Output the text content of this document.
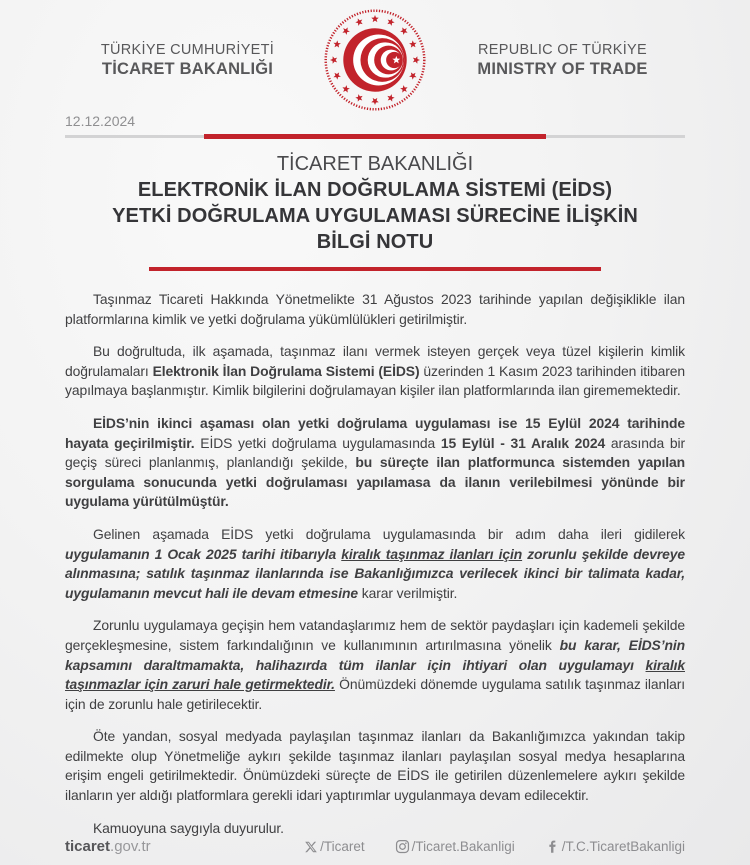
TÜRKİYE CUMHURİYETİ
TİCARET BAKANLIĞI
REPUBLIC OF TÜRKİYE
MINISTRY OF TRADE
12.12.2024
TİCARET BAKANLIĞI
ELEKTRONİK İLAN DOĞRULAMA SİSTEMİ (EİDS)
YETKİ DOĞRULAMA UYGULAMASI SÜRECİNE İLİŞKİN
BİLGİ NOTU

Taşınmaz Ticareti Hakkında Yönetmelikte 31 Ağustos 2023 tarihinde yapılan değişiklikle ilan platformlarına kimlik ve yetki doğrulama yükümlülükleri getirilmiştir.

Bu doğrultuda, ilk aşamada, taşınmaz ilanı vermek isteyen gerçek veya tüzel kişilerin kimlik doğrulamaları Elektronik İlan Doğrulama Sistemi (EİDS) üzerinden 1 Kasım 2023 tarihinden itibaren yapılmaya başlanmıştır. Kimlik bilgilerini doğrulamayan kişiler ilan platformlarında ilan girememektedir.

EİDS’nin ikinci aşaması olan yetki doğrulama uygulaması ise 15 Eylül 2024 tarihinde hayata geçirilmiştir. EİDS yetki doğrulama uygulamasında 15 Eylül - 31 Aralık 2024 arasında bir geçiş süreci planlanmış, planlandığı şekilde, bu süreçte ilan platformunca sistemden yapılan sorgulama sonucunda yetki doğrulaması yapılamasa da ilanın verilebilmesi yönünde bir uygulama yürütülmüştür.

Gelinen aşamada EİDS yetki doğrulama uygulamasında bir adım daha ileri gidilerek uygulamanın 1 Ocak 2025 tarihi itibarıyla kiralık taşınmaz ilanları için zorunlu şekilde devreye alınmasına; satılık taşınmaz ilanlarında ise Bakanlığımızca verilecek ikinci bir talimata kadar, uygulamanın mevcut hali ile devam etmesine karar verilmiştir.

Zorunlu uygulamaya geçişin hem vatandaşlarımız hem de sektör paydaşları için kademeli şekilde gerçekleşmesine, sistem farkındalığının ve kullanımının artırılmasına yönelik bu karar, EİDS’nin kapsamını daraltmamakta, halihazırda tüm ilanlar için ihtiyari olan uygulamayı kiralık taşınmazlar için zaruri hale getirmektedir. Önümüzdeki dönemde uygulama satılık taşınmaz ilanları için de zorunlu hale getirilecektir.

Öte yandan, sosyal medyada paylaşılan taşınmaz ilanları da Bakanlığımızca yakından takip edilmekte olup Yönetmeliğe aykırı şekilde taşınmaz ilanları paylaşılan sosyal medya hesaplarına erişim engeli getirilmektedir. Önümüzdeki süreçte de EİDS ile getirilen düzenlemelere aykırı şekilde ilanların yer aldığı platformlara gerekli idari yaptırımlar uygulanmaya devam edilecektir.

Kamuoyuna saygıyla duyurulur.

ticaret.gov.tr	/Ticaret	/Ticaret.Bakanligi	/T.C.TicaretBakanligi
